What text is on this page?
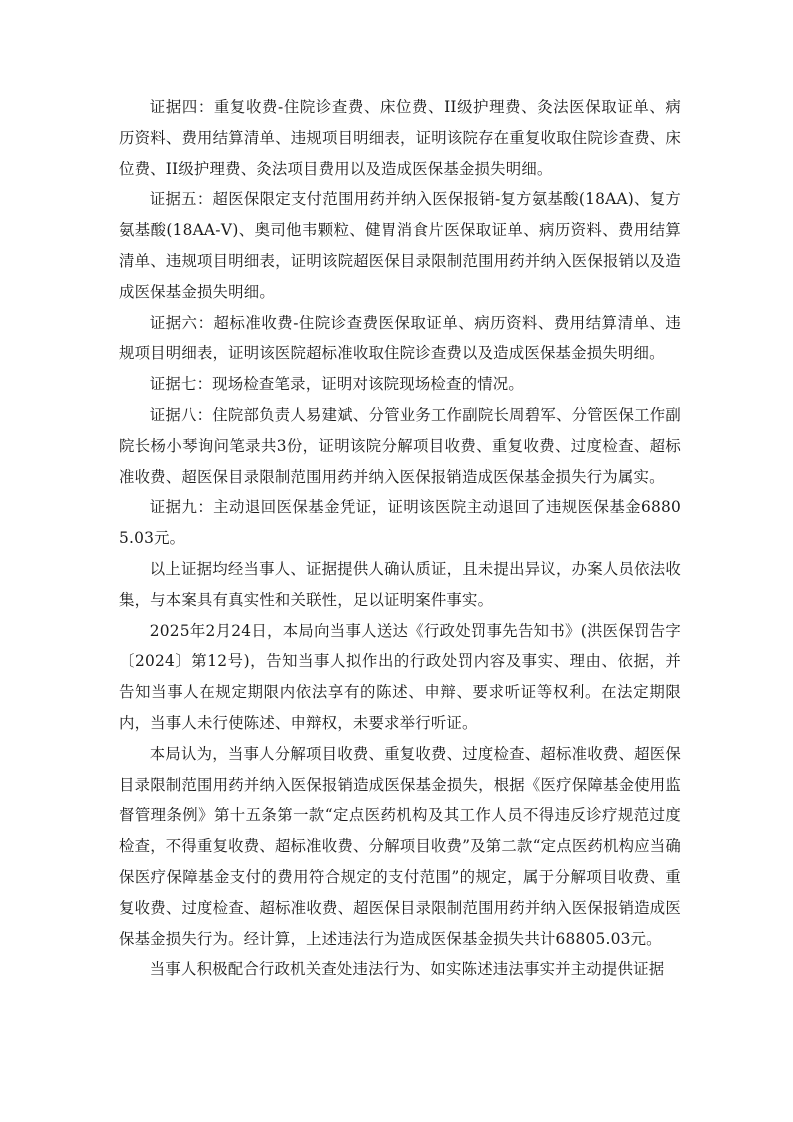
证据四：重复收费-住院诊查费、床位费、II级护理费、灸法医保取证单、病历资料、费用结算清单、违规项目明细表，证明该院存在重复收取住院诊查费、床位费、II级护理费、灸法项目费用以及造成医保基金损失明细。

证据五：超医保限定支付范围用药并纳入医保报销-复方氨基酸(18AA)、复方氨基酸(18AA-Ⅴ)、奥司他韦颗粒、健胃消食片医保取证单、病历资料、费用结算清单、违规项目明细表，证明该院超医保目录限制范围用药并纳入医保报销以及造成医保基金损失明细。

证据六：超标准收费-住院诊查费医保取证单、病历资料、费用结算清单、违规项目明细表，证明该医院超标准收取住院诊查费以及造成医保基金损失明细。

证据七：现场检查笔录，证明对该院现场检查的情况。

证据八：住院部负责人易建斌、分管业务工作副院长周碧军、分管医保工作副院长杨小琴询问笔录共3份，证明该院分解项目收费、重复收费、过度检查、超标准收费、超医保目录限制范围用药并纳入医保报销造成医保基金损失行为属实。

证据九：主动退回医保基金凭证，证明该医院主动退回了违规医保基金68805.03元。

以上证据均经当事人、证据提供人确认质证，且未提出异议，办案人员依法收集，与本案具有真实性和关联性，足以证明案件事实。

2025年2月24日，本局向当事人送达《行政处罚事先告知书》(洪医保罚告字〔2024〕第12号)，告知当事人拟作出的行政处罚内容及事实、理由、依据，并告知当事人在规定期限内依法享有的陈述、申辩、要求听证等权利。在法定期限内，当事人未行使陈述、申辩权，未要求举行听证。

本局认为，当事人分解项目收费、重复收费、过度检查、超标准收费、超医保目录限制范围用药并纳入医保报销造成医保基金损失，根据《医疗保障基金使用监督管理条例》第十五条第一款“定点医药机构及其工作人员不得违反诊疗规范过度检查，不得重复收费、超标准收费、分解项目收费”及第二款“定点医药机构应当确保医疗保障基金支付的费用符合规定的支付范围”的规定，属于分解项目收费、重复收费、过度检查、超标准收费、超医保目录限制范围用药并纳入医保报销造成医保基金损失行为。经计算，上述违法行为造成医保基金损失共计68805.03元。

当事人积极配合行政机关查处违法行为、如实陈述违法事实并主动提供证据
